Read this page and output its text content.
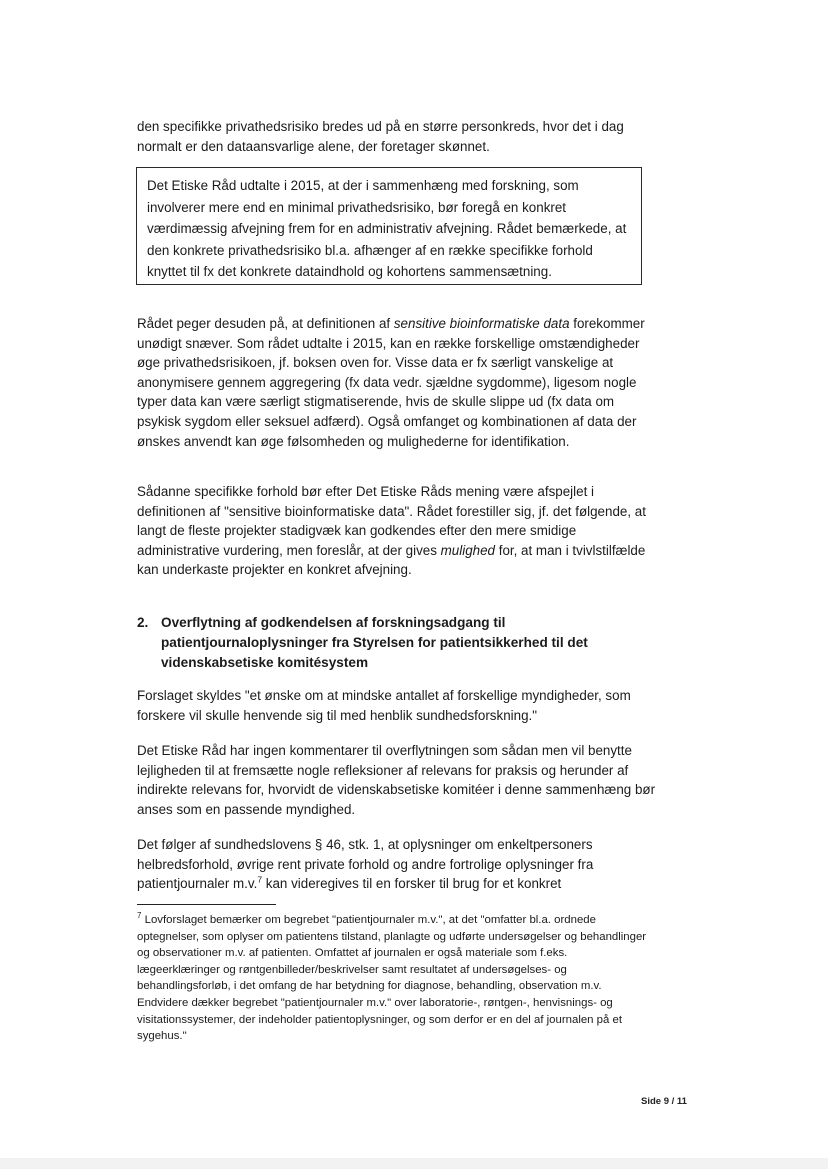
den specifikke privathedsrisiko bredes ud på en større personkreds, hvor det i dag normalt er den dataansvarlige alene, der foretager skønnet.

Det Etiske Råd udtalte i 2015, at der i sammenhæng med forskning, som involverer mere end en minimal privathedsrisiko, bør foregå en konkret værdimæssig afvejning frem for en administrativ afvejning. Rådet bemærkede, at den konkrete privathedsrisiko bl.a. afhænger af en række specifikke forhold knyttet til fx det konkrete dataindhold og kohortens sammensætning.

Rådet peger desuden på, at definitionen af sensitive bioinformatiske data forekommer unødigt snæver. Som rådet udtalte i 2015, kan en række forskellige omstændigheder øge privathedsrisikoen, jf. boksen oven for. Visse data er fx særligt vanskelige at anonymisere gennem aggregering (fx data vedr. sjældne sygdomme), ligesom nogle typer data kan være særligt stigmatiserende, hvis de skulle slippe ud (fx data om psykisk sygdom eller seksuel adfærd). Også omfanget og kombinationen af data der ønskes anvendt kan øge følsomheden og mulighederne for identifikation.

Sådanne specifikke forhold bør efter Det Etiske Råds mening være afspejlet i definitionen af "sensitive bioinformatiske data". Rådet forestiller sig, jf. det følgende, at langt de fleste projekter stadigvæk kan godkendes efter den mere smidige administrative vurdering, men foreslår, at der gives mulighed for, at man i tvivlstilfælde kan underkaste projekter en konkret afvejning.

2. Overflytning af godkendelsen af forskningsadgang til patientjournaloplysninger fra Styrelsen for patientsikkerhed til det videnskabsetiske komitésystem

Forslaget skyldes "et ønske om at mindske antallet af forskellige myndigheder, som forskere vil skulle henvende sig til med henblik sundhedsforskning."

Det Etiske Råd har ingen kommentarer til overflytningen som sådan men vil benytte lejligheden til at fremsætte nogle refleksioner af relevans for praksis og herunder af indirekte relevans for, hvorvidt de videnskabsetiske komitéer i denne sammenhæng bør anses som en passende myndighed.

Det følger af sundhedslovens § 46, stk. 1, at oplysninger om enkeltpersoners helbredsforhold, øvrige rent private forhold og andre fortrolige oplysninger fra patientjournaler m.v.$^7$ kan videregives til en forsker til brug for et konkret

$^7$ Lovforslaget bemærker om begrebet "patientjournaler m.v.", at det "omfatter bl.a. ordnede optegnelser, som oplyser om patientens tilstand, planlagte og udførte undersøgelser og behandlinger og observationer m.v. af patienten. Omfattet af journalen er også materiale som f.eks. lægeerklæringer og røntgenbilleder/beskrivelser samt resultatet af undersøgelses- og behandlingsforløb, i det omfang de har betydning for diagnose, behandling, observation m.v. Endvidere dækker begrebet "patientjournaler m.v." over laboratorie-, røntgen-, henvisnings- og visitationssystemer, der indeholder patientoplysninger, og som derfor er en del af journalen på et sygehus."

Side 9 / 11
